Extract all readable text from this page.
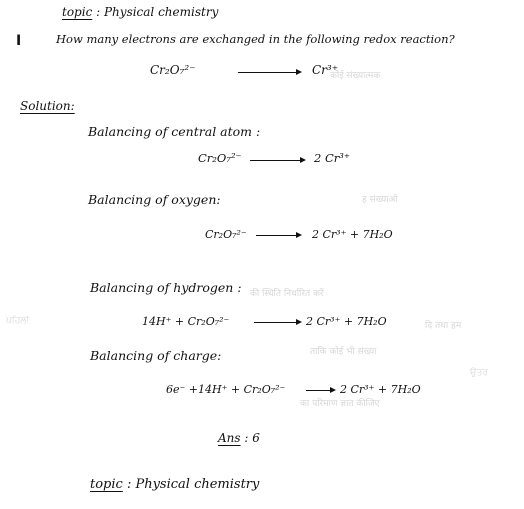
कोई संख्यात्मक
ह संख्याओ
की स्थिति निर्धारित करें
ਪਹਿਲਾਂ	दि तथा हम
ताकि कोई भी संख्या
ਉਤਰ
का परिमाण ज्ञात कीजिए
topic : Physical chemistry
I	How many electrons are exchanged in the following redox reaction?
Cr₂O₇²⁻	→ Cr³⁺
Solution:
Balancing of central atom :
Cr₂O₇²⁻ → 2 Cr³⁺
Balancing of oxygen:
Cr₂O₇²⁻ → 2 Cr³⁺ + 7H₂O
Balancing of hydrogen :
14H⁺ + Cr₂O₇²⁻ → 2 Cr³⁺ + 7H₂O
Balancing of charge:
6e⁻ +14H⁺ + Cr₂O₇²⁻ → 2 Cr³⁺ + 7H₂O
Ans : 6
topic : Physical chemistry
